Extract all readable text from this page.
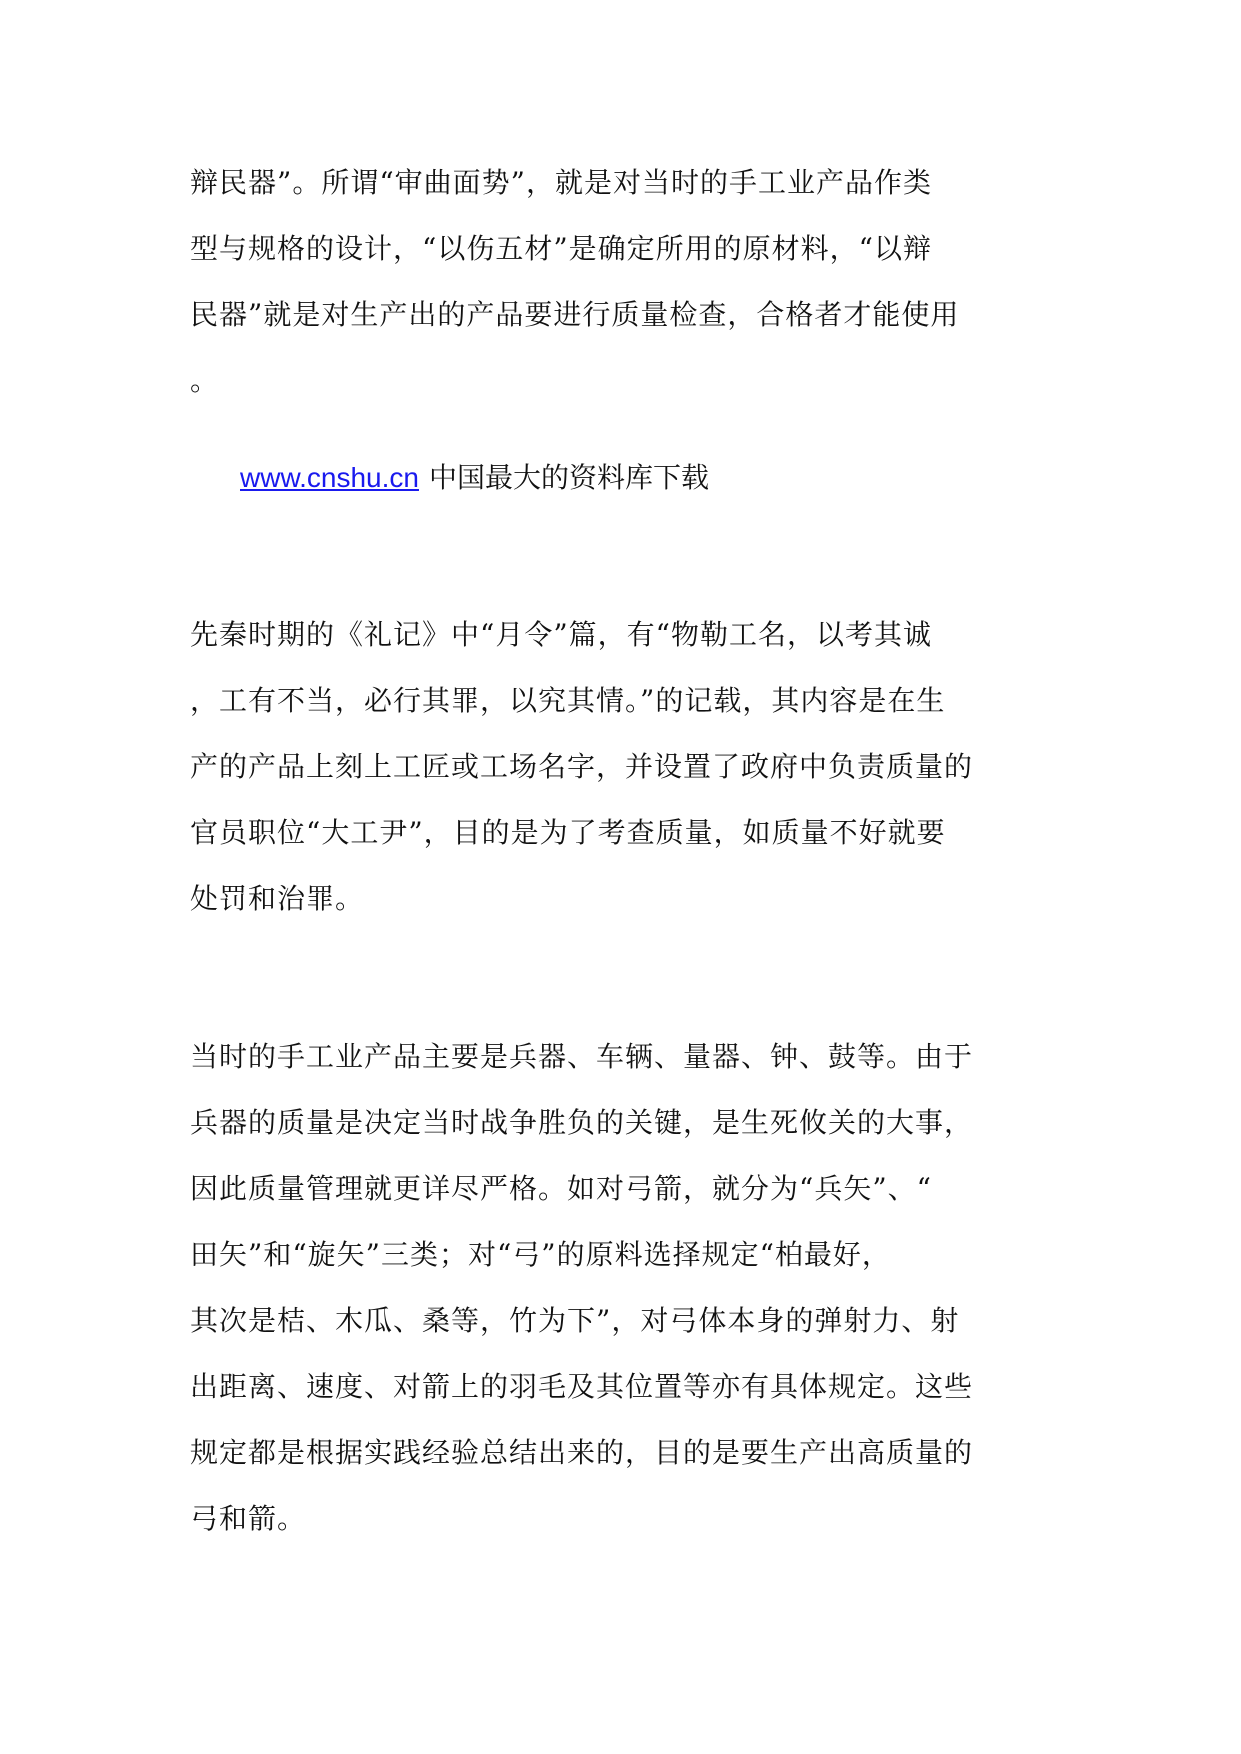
辩民器”。所谓“审曲面势”，就是对当时的手工业产品作类
型与规格的设计，“以伤五材”是确定所用的原材料，“以辩
民器”就是对生产出的产品要进行质量检查，合格者才能使用
。
www.cnshu.cn 中国最大的资料库下载
先秦时期的《礼记》中“月令”篇，有“物勒工名，以考其诚
，工有不当，必行其罪，以究其情。”的记载，其内容是在生
产的产品上刻上工匠或工场名字，并设置了政府中负责质量的
官员职位“大工尹”，目的是为了考查质量，如质量不好就要
处罚和治罪。
当时的手工业产品主要是兵器、车辆、量器、钟、鼓等。由于
兵器的质量是决定当时战争胜负的关键，是生死攸关的大事，
因此质量管理就更详尽严格。如对弓箭，就分为“兵矢”、“
田矢”和“旋矢”三类；对“弓”的原料选择规定“柏最好，
其次是桔、木瓜、桑等，竹为下”，对弓体本身的弹射力、射
出距离、速度、对箭上的羽毛及其位置等亦有具体规定。这些
规定都是根据实践经验总结出来的，目的是要生产出高质量的
弓和箭。
